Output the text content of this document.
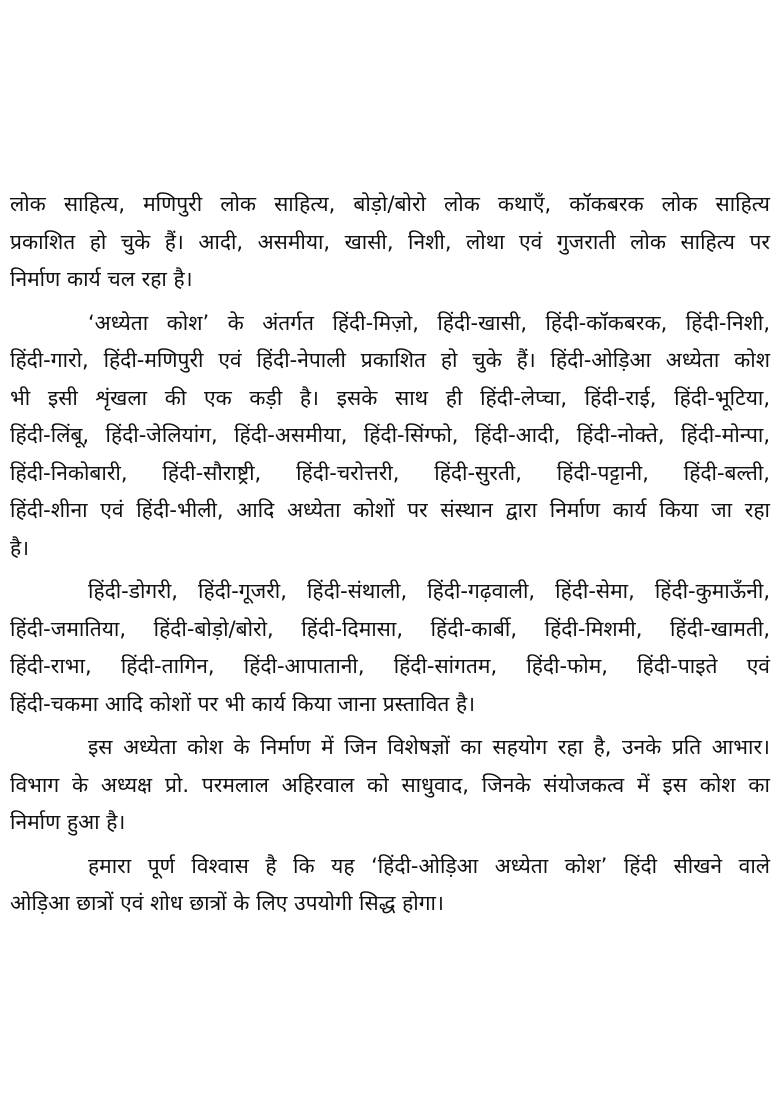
लोक साहित्य, मणिपुरी लोक साहित्य, बोड़ो/बोरो लोक कथाएँ, कॉकबरक लोक साहित्य
प्रकाशित हो चुके हैं। आदी, असमीया, खासी, निशी, लोथा एवं गुजराती लोक साहित्य पर
निर्माण कार्य चल रहा है।
‘अध्येता कोश’ के अंतर्गत हिंदी-मिज़ो, हिंदी-खासी, हिंदी-कॉकबरक, हिंदी-निशी,
हिंदी-गारो, हिंदी-मणिपुरी एवं हिंदी-नेपाली प्रकाशित हो चुके हैं। हिंदी-ओड़िआ अध्येता कोश
भी इसी शृंखला की एक कड़ी है। इसके साथ ही हिंदी-लेप्चा, हिंदी-राई, हिंदी-भूटिया,
हिंदी-लिंबू, हिंदी-जेलियांग, हिंदी-असमीया, हिंदी-सिंग्फो, हिंदी-आदी, हिंदी-नोक्ते, हिंदी-मोन्पा,
हिंदी-निकोबारी, हिंदी-सौराष्ट्री, हिंदी-चरोत्तरी, हिंदी-सुरती, हिंदी-पट्टानी, हिंदी-बल्ती,
हिंदी-शीना एवं हिंदी-भीली, आदि अध्येता कोशों पर संस्थान द्वारा निर्माण कार्य किया जा रहा
है।
हिंदी-डोगरी, हिंदी-गूजरी, हिंदी-संथाली, हिंदी-गढ़वाली, हिंदी-सेमा, हिंदी-कुमाऊँनी,
हिंदी-जमातिया, हिंदी-बोड़ो/बोरो, हिंदी-दिमासा, हिंदी-कार्बी, हिंदी-मिशमी, हिंदी-खामती,
हिंदी-राभा, हिंदी-तागिन, हिंदी-आपातानी, हिंदी-सांगतम, हिंदी-फोम, हिंदी-पाइते एवं
हिंदी-चकमा आदि कोशों पर भी कार्य किया जाना प्रस्तावित है।
इस अध्येता कोश के निर्माण में जिन विशेषज्ञों का सहयोग रहा है, उनके प्रति आभार।
विभाग के अध्यक्ष प्रो. परमलाल अहिरवाल को साधुवाद, जिनके संयोजकत्व में इस कोश का
निर्माण हुआ है।
हमारा पूर्ण विश्वास है कि यह ‘हिंदी-ओड़िआ अध्येता कोश’ हिंदी सीखने वाले
ओड़िआ छात्रों एवं शोध छात्रों के लिए उपयोगी सिद्ध होगा।
